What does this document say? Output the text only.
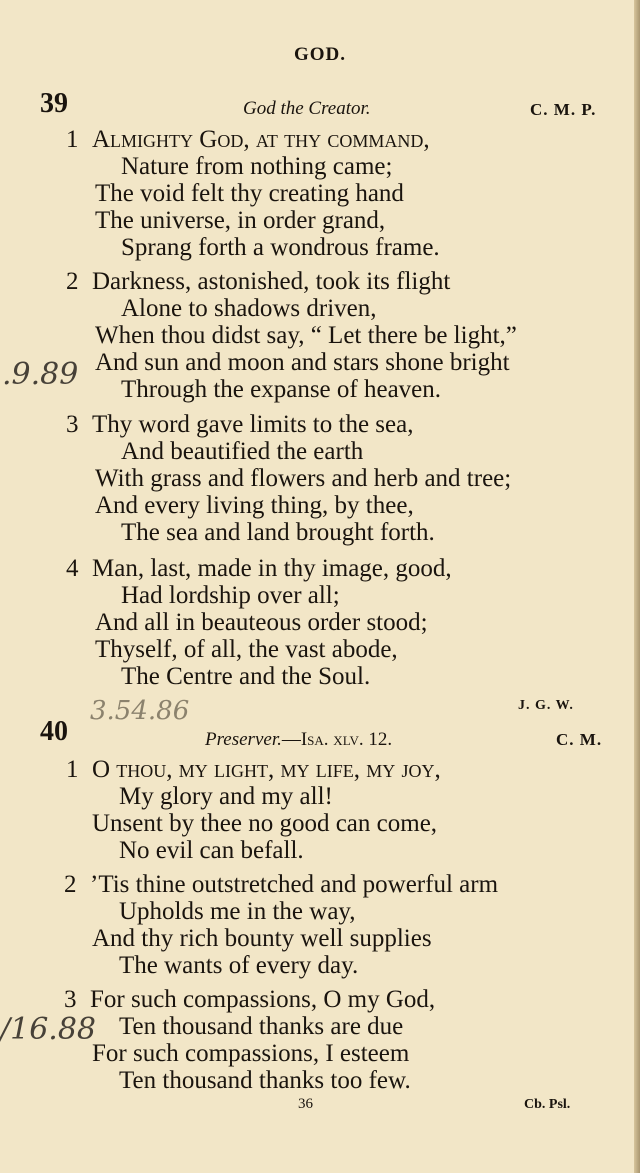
GOD.
39	God the Creator.	C. M. P.
1 Almighty God, at thy command,
Nature from nothing came;
The void felt thy creating hand
The universe, in order grand,
Sprang forth a wondrous frame.
2 Darkness, astonished, took its flight
Alone to shadows driven,
When thou didst say, “ Let there be light,”
And sun and moon and stars shone bright
Through the expanse of heaven.
3 Thy word gave limits to the sea,
And beautified the earth
With grass and flowers and herb and tree;
And every living thing, by thee,
The sea and land brought forth.
4 Man, last, made in thy image, good,
Had lordship over all;
And all in beauteous order stood;
Thyself, of all, the vast abode,
The Centre and the Soul.
J. G. W.
40	Preserver.—Isa. xlv. 12.	C. M.
1 O thou, my light, my life, my joy,
My glory and my all!
Unsent by thee no good can come,
No evil can befall.
2 ’Tis thine outstretched and powerful arm
Upholds me in the way,
And thy rich bounty well supplies
The wants of every day.
3 For such compassions, O my God,
Ten thousand thanks are due
For such compassions, I esteem
Ten thousand thanks too few.
36	Cb. Psl.
.9.89
3.54.86
/16.88
